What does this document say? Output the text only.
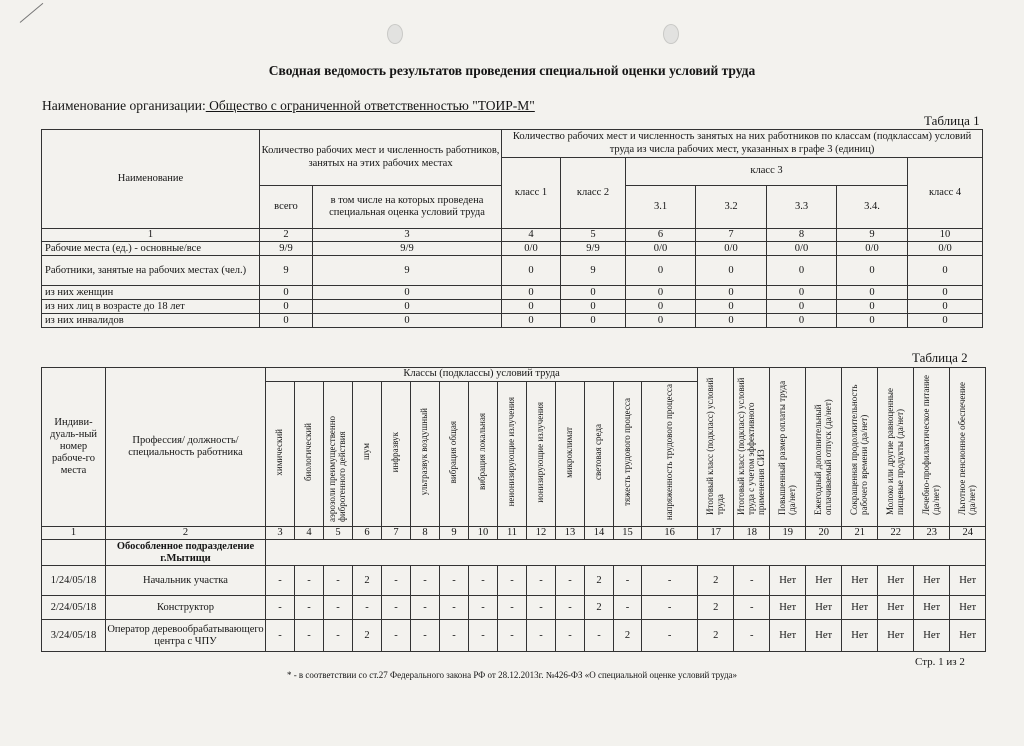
Сводная ведомость результатов проведения специальной оценки условий труда
Наименование организации: Общество с ограниченной ответственностью "ТОИР-М"
Таблица 1
Наименование	Количество рабочих мест и численность работников, занятых на этих рабочих местах		Количество рабочих мест и численность занятых на них работников по классам (подклассам) условий труда из числа рабочих мест, указанных в графе 3 (единиц)						
			класс 1	класс 2	класс 3				класс 4
	всего	в том числе на которых проведена специальная оценка условий труда			3.1	3.2	3.3	3.4.	
1	2	3	4	5	6	7	8	9	10
Рабочие места (ед.) - основные/все	9/9	9/9	0/0	9/9	0/0	0/0	0/0	0/0	0/0
Работники, занятые на рабочих местах (чел.)	9	9	0	9	0	0	0	0	0
из них женщин	0	0	0	0	0	0	0	0	0
из них лиц в возрасте до 18 лет	0	0	0	0	0	0	0	0	0
из них инвалидов	0	0	0	0	0	0	0	0	0
Таблица 2
Индиви-дуаль-ный номер рабоче-го места	Профессия/ должность/ специальность работника	Классы (подклассы) условий труда														Итоговый класс (подкласс) условий труда	Итоговый класс (подкласс) условий труда с учетом эффективного применения СИЗ	Повышенный размер оплаты труда (да/нет)	Ежегодный дополнительный оплачиваемый отпуск (да/нет)	Сокращенная продолжительность рабочего времени (да/нет)	Молоко или другие равноценные пищевые продукты (да/нет)	Лечебно-профилактическое питание (да/нет)	Льготное пенсионное обеспечение (да/нет)
		химический	биологический	аэрозоли преимущественно фиброгенного действия	шум	инфразвук	ультразвук воздушный	вибрация общая	вибрация локальная	неионизирующие излучения	ионизирующие излучения	микроклимат	световая среда	тяжесть трудового процесса	напряженность трудового процесса								
1	2	3	4	5	6	7	8	9	10	11	12	13	14	15	16	17	18	19	20	21	22	23	24
	Обособленное подразделение г.Мытищи																						
1/24/05/18	Начальник участка	-	-	-	2	-	-	-	-	-	-	-	2	-	-	2	-	Нет	Нет	Нет	Нет	Нет	Нет
2/24/05/18	Конструктор	-	-	-	-	-	-	-	-	-	-	-	2	-	-	2	-	Нет	Нет	Нет	Нет	Нет	Нет
3/24/05/18	Оператор деревообрабатывающего центра с ЧПУ	-	-	-	2	-	-	-	-	-	-	-	-	2	-	2	-	Нет	Нет	Нет	Нет	Нет	Нет
Стр. 1 из 2
* - в соответствии со ст.27 Федерального закона РФ от 28.12.2013г. №426-ФЗ «О специальной оценке условий труда»
